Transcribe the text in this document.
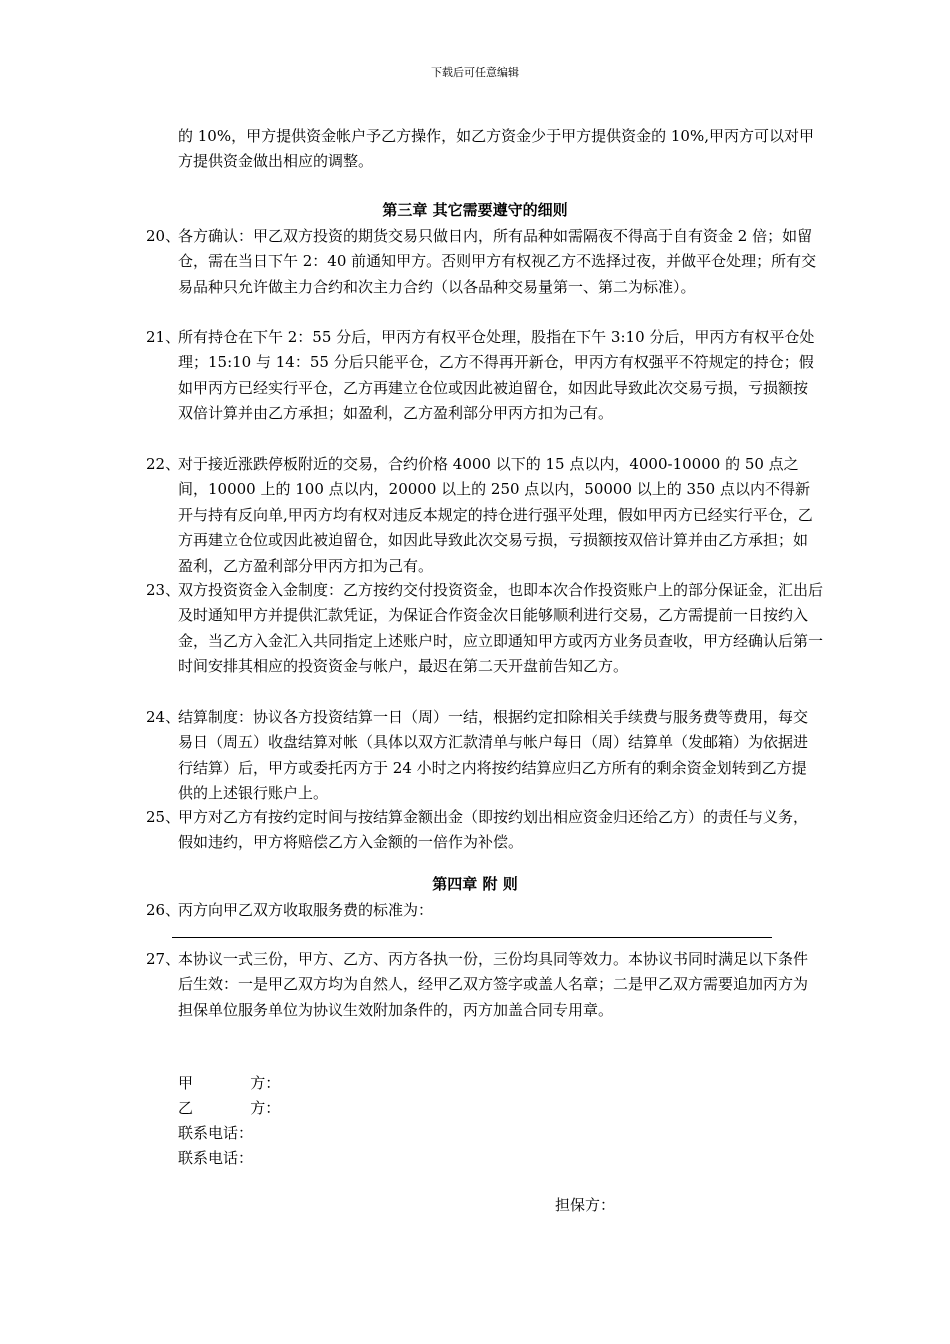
下载后可任意编辑
的 10%，甲方提供资金帐户予乙方操作，如乙方资金少于甲方提供资金的 10%,甲丙方可以对甲方提供资金做出相应的调整。
第三章 其它需要遵守的细则
20、
各方确认：甲乙双方投资的期货交易只做日内，所有品种如需隔夜不得高于自有资金 2 倍；如留仓，需在当日下午 2：40 前通知甲方。否则甲方有权视乙方不选择过夜，并做平仓处理；所有交易品种只允许做主力合约和次主力合约（以各品种交易量第一、第二为标准）。
21、
所有持仓在下午 2：55 分后，甲丙方有权平仓处理，股指在下午 3:10 分后，甲丙方有权平仓处理；15:10 与 14：55 分后只能平仓，乙方不得再开新仓，甲丙方有权强平不符规定的持仓；假如甲丙方已经实行平仓，乙方再建立仓位或因此被迫留仓，如因此导致此次交易亏损，亏损额按双倍计算并由乙方承担；如盈利，乙方盈利部分甲丙方扣为己有。
22、
对于接近涨跌停板附近的交易，合约价格 4000 以下的 15 点以内，4000-10000 的 50 点之间，10000 上的 100 点以内，20000 以上的 250 点以内，50000 以上的 350 点以内不得新开与持有反向单,甲丙方均有权对违反本规定的持仓进行强平处理，假如甲丙方已经实行平仓，乙方再建立仓位或因此被迫留仓，如因此导致此次交易亏损，亏损额按双倍计算并由乙方承担；如盈利，乙方盈利部分甲丙方扣为己有。
23、
双方投资资金入金制度：乙方按约交付投资资金，也即本次合作投资账户上的部分保证金，汇出后及时通知甲方并提供汇款凭证，为保证合作资金次日能够顺利进行交易，乙方需提前一日按约入金，当乙方入金汇入共同指定上述账户时，应立即通知甲方或丙方业务员查收，甲方经确认后第一时间安排其相应的投资资金与帐户，最迟在第二天开盘前告知乙方。
24、
结算制度：协议各方投资结算一日（周）一结，根据约定扣除相关手续费与服务费等费用，每交易日（周五）收盘结算对帐（具体以双方汇款清单与帐户每日（周）结算单（发邮箱）为依据进行结算）后，甲方或委托丙方于 24 小时之内将按约结算应归乙方所有的剩余资金划转到乙方提供的上述银行账户上。
25、
甲方对乙方有按约定时间与按结算金额出金（即按约划出相应资金归还给乙方）的责任与义务，假如违约，甲方将赔偿乙方入金额的一倍作为补偿。
第四章 附 则
26、
丙方向甲乙双方收取服务费的标准为：
27、
本协议一式三份，甲方、乙方、丙方各执一份，三份均具同等效力。本协议书同时满足以下条件后生效：一是甲乙双方均为自然人，经甲乙双方签字或盖人名章；二是甲乙双方需要追加丙方为担保单位服务单位为协议生效附加条件的，丙方加盖合同专用章。
甲            方：
乙            方：
联系电话：
联系电话：
担保方：
